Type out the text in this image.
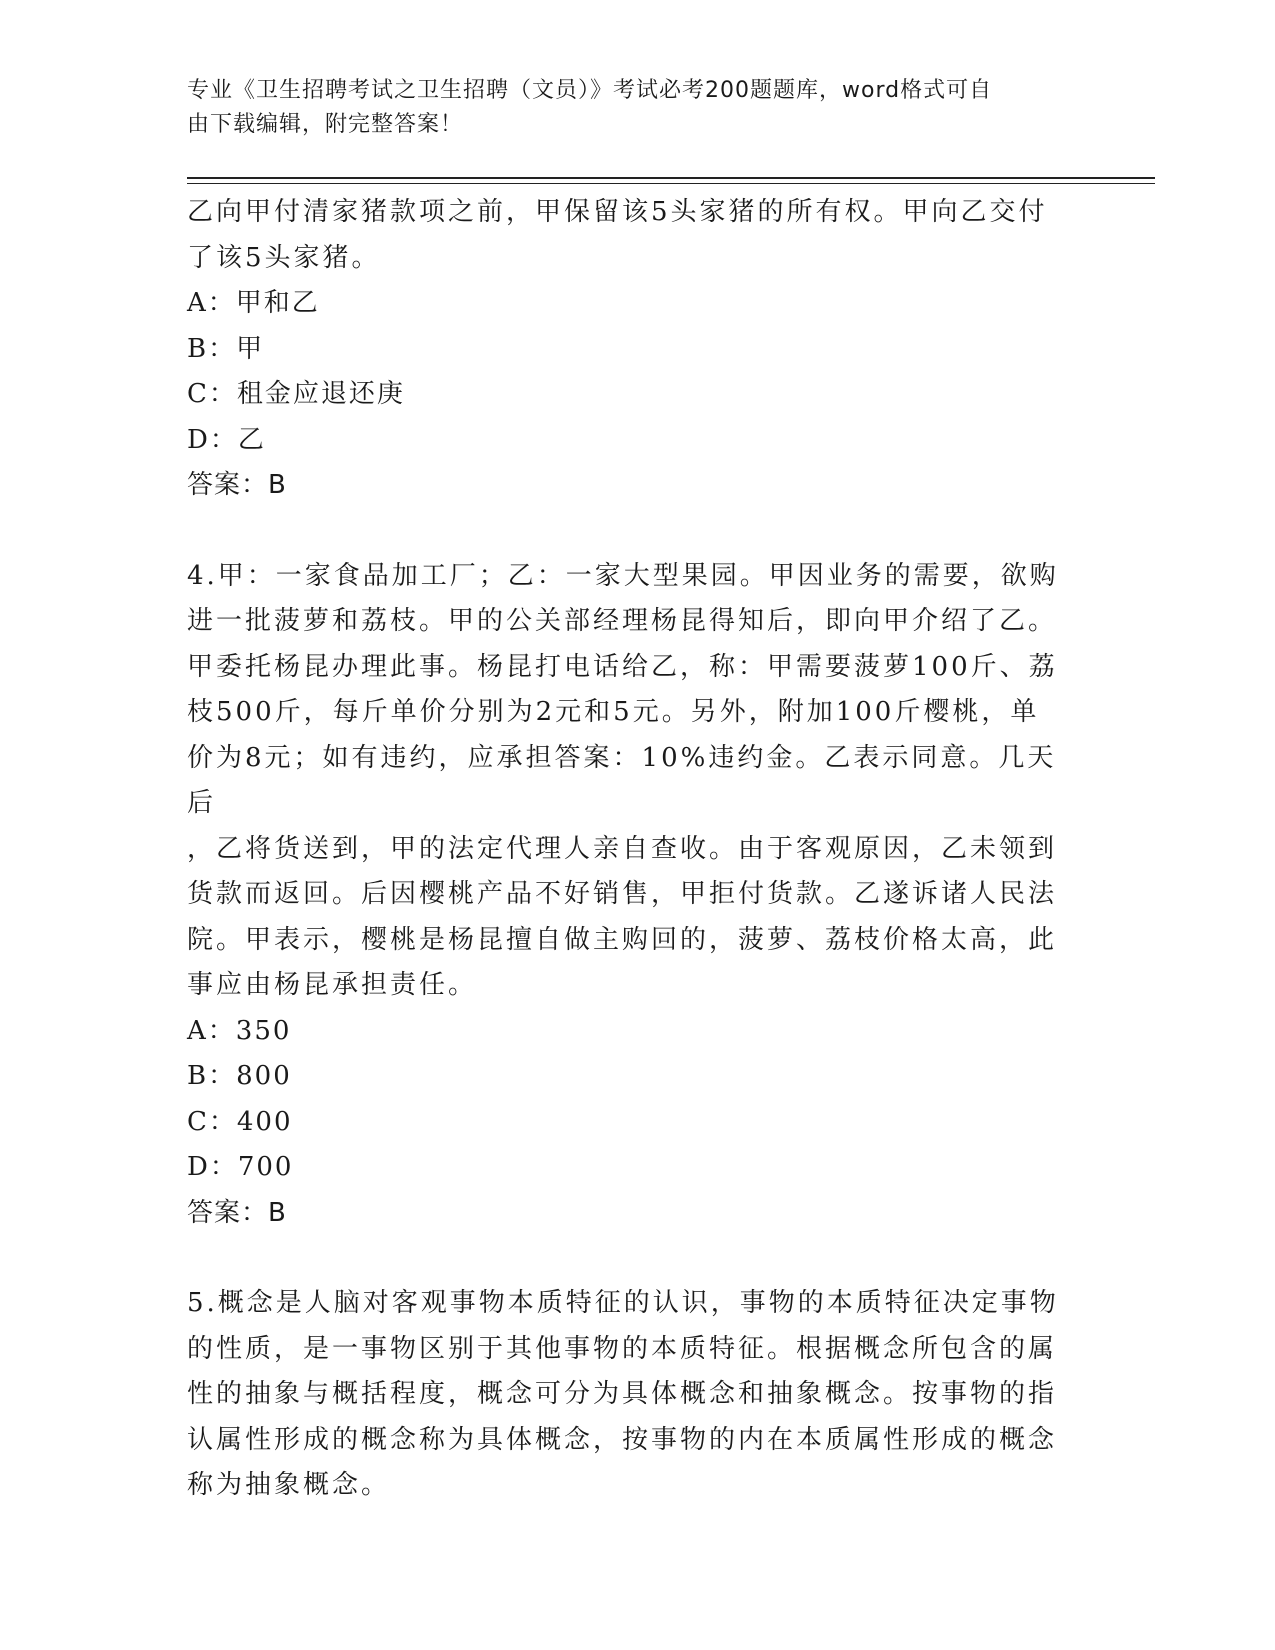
专业《卫生招聘考试之卫生招聘（文员）》考试必考200题题库，word格式可自
由下载编辑，附完整答案！

乙向甲付清家猪款项之前，甲保留该5头家猪的所有权。甲向乙交付

了该5头家猪。

A：甲和乙

B：甲

C：租金应退还庚

D：乙

答案：B

4.甲：一家食品加工厂；乙：一家大型果园。甲因业务的需要，欲购

进一批菠萝和荔枝。甲的公关部经理杨昆得知后，即向甲介绍了乙。

甲委托杨昆办理此事。杨昆打电话给乙，称：甲需要菠萝100斤、荔

枝500斤，每斤单价分别为2元和5元。另外，附加100斤樱桃，单

价为8元；如有违约，应承担答案：10%违约金。乙表示同意。几天后

，乙将货送到，甲的法定代理人亲自查收。由于客观原因，乙未领到

货款而返回。后因樱桃产品不好销售，甲拒付货款。乙遂诉诸人民法

院。甲表示，樱桃是杨昆擅自做主购回的，菠萝、荔枝价格太高，此

事应由杨昆承担责任。

A：350

B：800

C：400

D：700

答案：B

5.概念是人脑对客观事物本质特征的认识，事物的本质特征决定事物

的性质，是一事物区别于其他事物的本质特征。根据概念所包含的属

性的抽象与概括程度，概念可分为具体概念和抽象概念。按事物的指

认属性形成的概念称为具体概念，按事物的内在本质属性形成的概念

称为抽象概念。
